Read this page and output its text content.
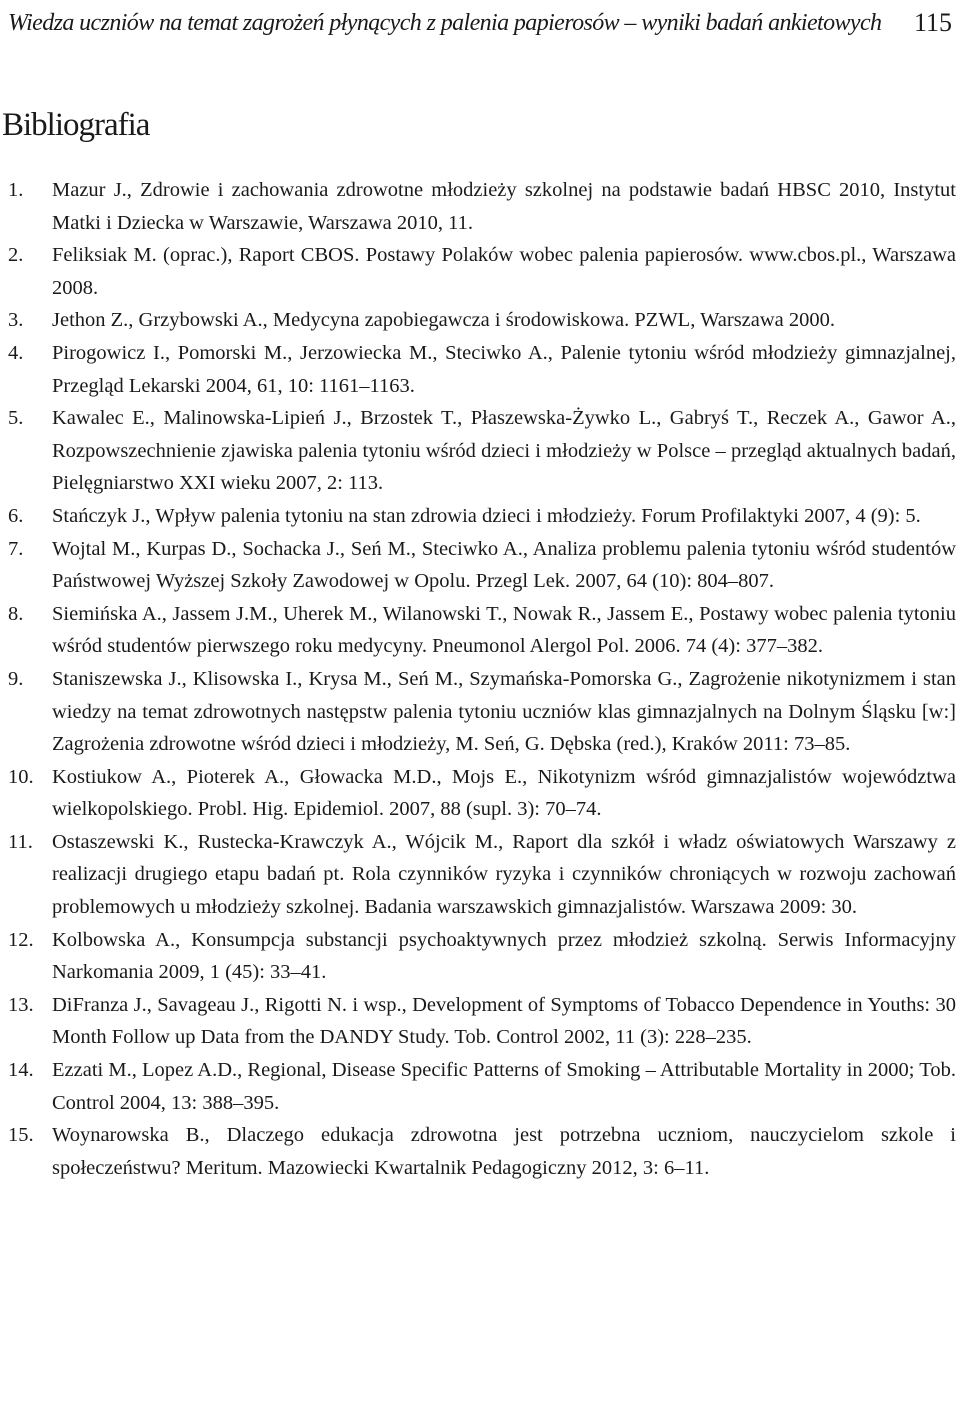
Wiedza uczniów na temat zagrożeń płynących z palenia papierosów – wyniki badań ankietowych 115
Bibliografia
1. Mazur J., Zdrowie i zachowania zdrowotne młodzieży szkolnej na podstawie badań HBSC 2010, Instytut Matki i Dziecka w Warszawie, Warszawa 2010, 11.
2. Feliksiak M. (oprac.), Raport CBOS. Postawy Polaków wobec palenia papierosów. www.cbos.pl., Warszawa 2008.
3. Jethon Z., Grzybowski A., Medycyna zapobiegawcza i środowiskowa. PZWL, Warszawa 2000.
4. Pirogowicz I., Pomorski M., Jerzowiecka M., Steciwko A., Palenie tytoniu wśród młodzieży gimnazjalnej, Przegląd Lekarski 2004, 61, 10: 1161–1163.
5. Kawalec E., Malinowska-Lipień J., Brzostek T., Płaszewska-Żywko L., Gabryś T., Reczek A., Gawor A., Rozpowszechnienie zjawiska palenia tytoniu wśród dzieci i młodzieży w Polsce – przegląd aktualnych badań, Pielęgniarstwo XXI wieku 2007, 2: 113.
6. Stańczyk J., Wpływ palenia tytoniu na stan zdrowia dzieci i młodzieży. Forum Profilaktyki 2007, 4 (9): 5.
7. Wojtal M., Kurpas D., Sochacka J., Seń M., Steciwko A., Analiza problemu palenia tytoniu wśród studentów Państwowej Wyższej Szkoły Zawodowej w Opolu. Przegl Lek. 2007, 64 (10): 804–807.
8. Siemińska A., Jassem J.M., Uherek M., Wilanowski T., Nowak R., Jassem E., Postawy wobec palenia tytoniu wśród studentów pierwszego roku medycyny. Pneumonol Alergol Pol. 2006. 74 (4): 377–382.
9. Staniszewska J., Klisowska I., Krysa M., Seń M., Szymańska-Pomorska G., Zagrożenie nikotynizmem i stan wiedzy na temat zdrowotnych następstw palenia tytoniu uczniów klas gimnazjalnych na Dolnym Śląsku [w:] Zagrożenia zdrowotne wśród dzieci i młodzieży, M. Seń, G. Dębska (red.), Kraków 2011: 73–85.
10. Kostiukow A., Pioterek A., Głowacka M.D., Mojs E., Nikotynizm wśród gimnazjalistów województwa wielkopolskiego. Probl. Hig. Epidemiol. 2007, 88 (supl. 3): 70–74.
11. Ostaszewski K., Rustecka-Krawczyk A., Wójcik M., Raport dla szkół i władz oświatowych Warszawy z realizacji drugiego etapu badań pt. Rola czynników ryzyka i czynników chroniących w rozwoju zachowań problemowych u młodzieży szkolnej. Badania warszawskich gimnazjalistów. Warszawa 2009: 30.
12. Kolbowska A., Konsumpcja substancji psychoaktywnych przez młodzież szkolną. Serwis Informacyjny Narkomania 2009, 1 (45): 33–41.
13. DiFranza J., Savageau J., Rigotti N. i wsp., Development of Symptoms of Tobacco Dependence in Youths: 30 Month Follow up Data from the DANDY Study. Tob. Control 2002, 11 (3): 228–235.
14. Ezzati M., Lopez A.D., Regional, Disease Specific Patterns of Smoking – Attributable Mortality in 2000; Tob. Control 2004, 13: 388–395.
15. Woynarowska B., Dlaczego edukacja zdrowotna jest potrzebna uczniom, nauczycielom szkole i społeczeństwu? Meritum. Mazowiecki Kwartalnik Pedagogiczny 2012, 3: 6–11.
